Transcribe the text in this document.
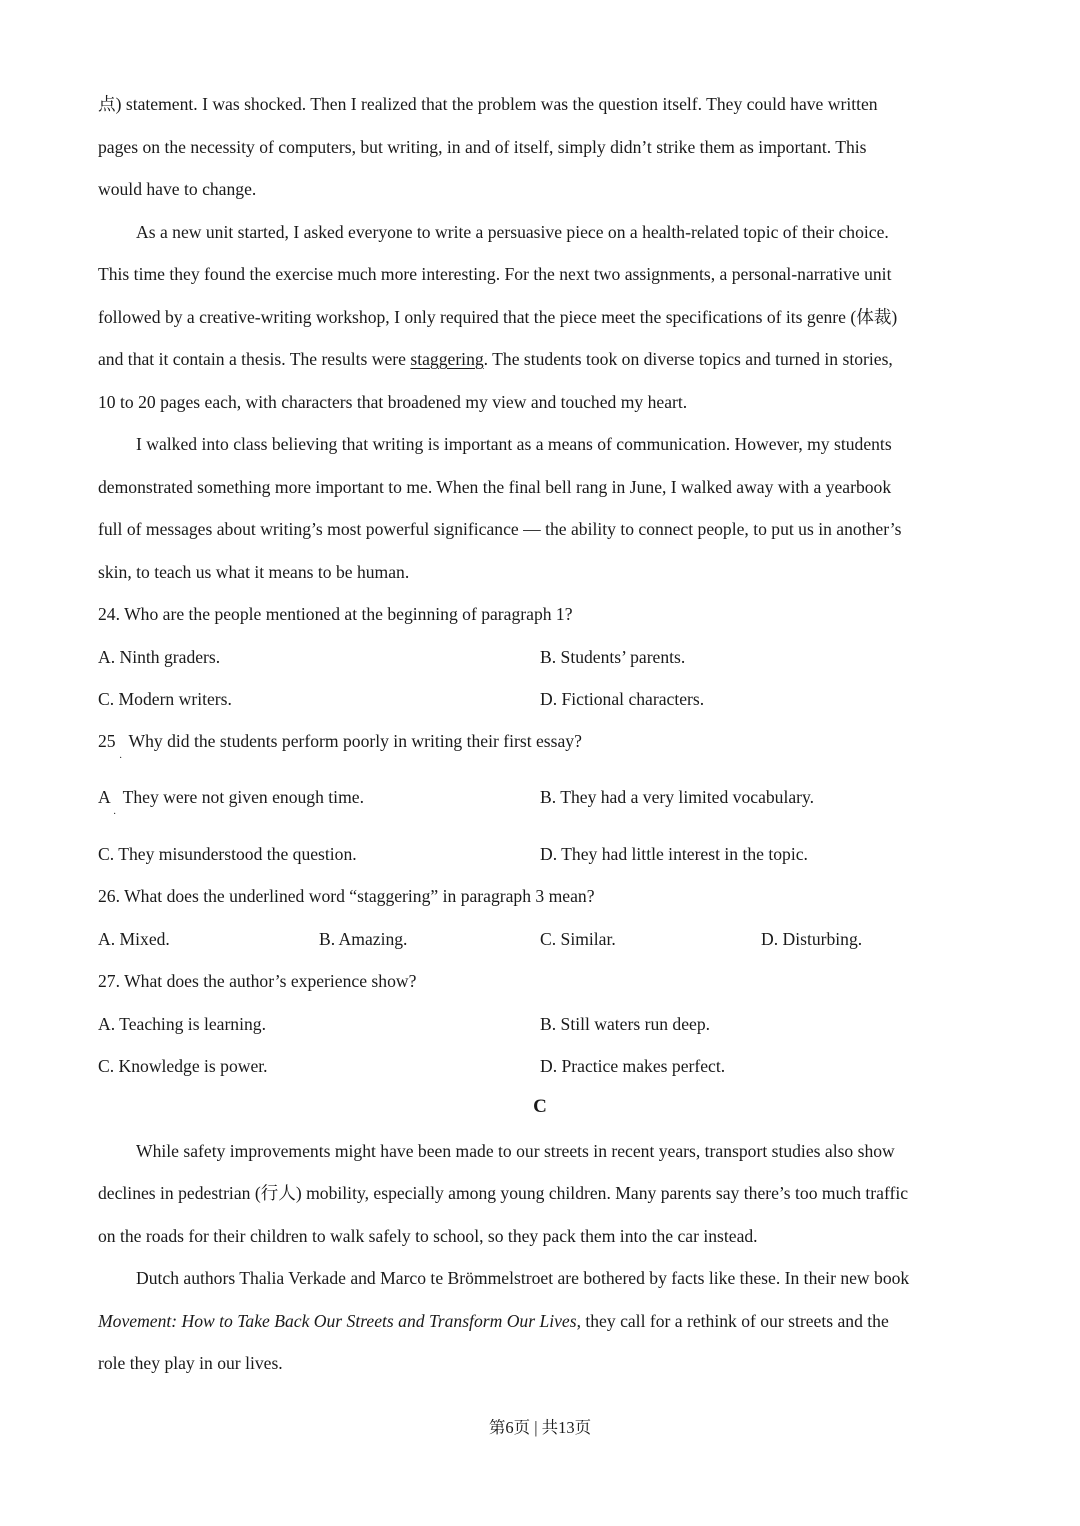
点) statement. I was shocked. Then I realized that the problem was the question itself. They could have written
pages on the necessity of computers, but writing, in and of itself, simply didn’t strike them as important. This
would have to change.
As a new unit started, I asked everyone to write a persuasive piece on a health-related topic of their choice.
This time they found the exercise much more interesting. For the next two assignments, a personal-narrative unit
followed by a creative-writing workshop, I only required that the piece meet the specifications of its genre (体裁)
and that it contain a thesis. The results were staggering. The students took on diverse topics and turned in stories,
10 to 20 pages each, with characters that broadened my view and touched my heart.
I walked into class believing that writing is important as a means of communication. However, my students
demonstrated something more important to me. When the final bell rang in June, I walked away with a yearbook
full of messages about writing’s most powerful significance — the ability to connect people, to put us in another’s
skin, to teach us what it means to be human.
24. Who are the people mentioned at the beginning of paragraph 1?
A. Ninth graders.	B. Students’ parents.
C. Modern writers.	D. Fictional characters.
25   Why did the students perform poorly in writing their first essay?
·
A   They were not given enough time.
·
B. They had a very limited vocabulary.
C. They misunderstood the question.	D. They had little interest in the topic.
26. What does the underlined word “staggering” in paragraph 3 mean?
A. Mixed.	B. Amazing.	C. Similar.	D. Disturbing.
27. What does the author’s experience show?
A. Teaching is learning.	B. Still waters run deep.
C. Knowledge is power.	D. Practice makes perfect.
C
While safety improvements might have been made to our streets in recent years, transport studies also show
declines in pedestrian (行人) mobility, especially among young children. Many parents say there’s too much traffic
on the roads for their children to walk safely to school, so they pack them into the car instead.
Dutch authors Thalia Verkade and Marco te Brömmelstroet are bothered by facts like these. In their new book
Movement: How to Take Back Our Streets and Transform Our Lives, they call for a rethink of our streets and the
role they play in our lives.
第6页 | 共13页
